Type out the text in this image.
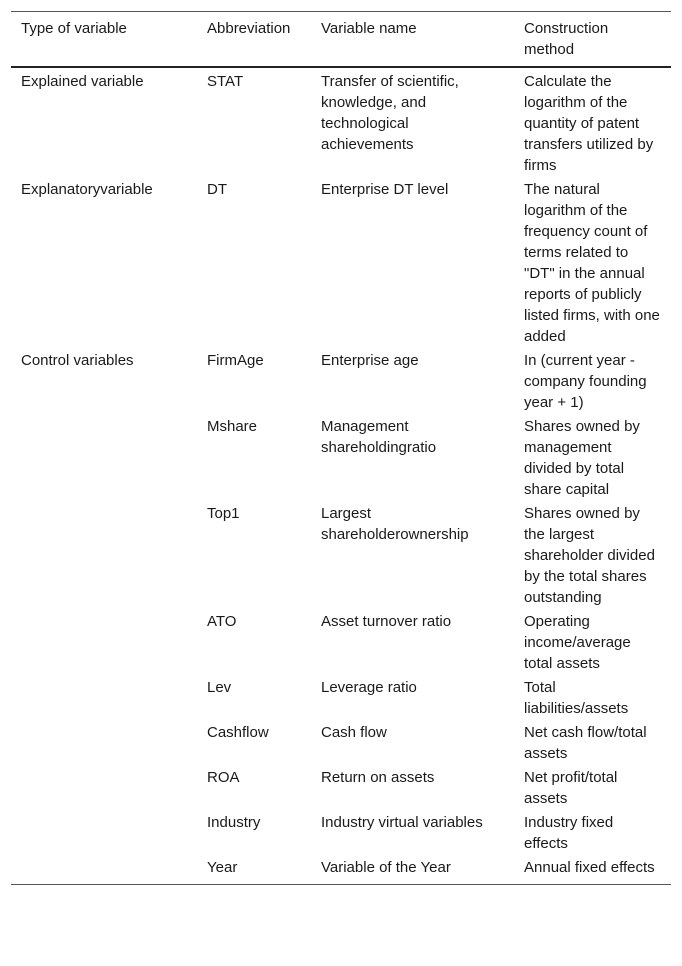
Type of variable	Abbreviation	Variable name	Construction method
Explained variable	STAT	Transfer of scientific, knowledge, and technological achievements	Calculate the logarithm of the quantity of patent transfers utilized by firms
Explanatoryvariable	DT	Enterprise DT level	The natural logarithm of the frequency count of terms related to "DT" in the annual reports of publicly listed firms, with one added
Control variables	FirmAge	Enterprise age	In (current year - company founding year + 1)
	Mshare	Management shareholdingratio	Shares owned by management divided by total share capital
	Top1	Largest shareholderownership	Shares owned by the largest shareholder divided by the total shares outstanding
	ATO	Asset turnover ratio	Operating income/average total assets
	Lev	Leverage ratio	Total liabilities/assets
	Cashflow	Cash flow	Net cash flow/total assets
	ROA	Return on assets	Net profit/total assets
	Industry	Industry virtual variables	Industry fixed effects
	Year	Variable of the Year	Annual fixed effects
